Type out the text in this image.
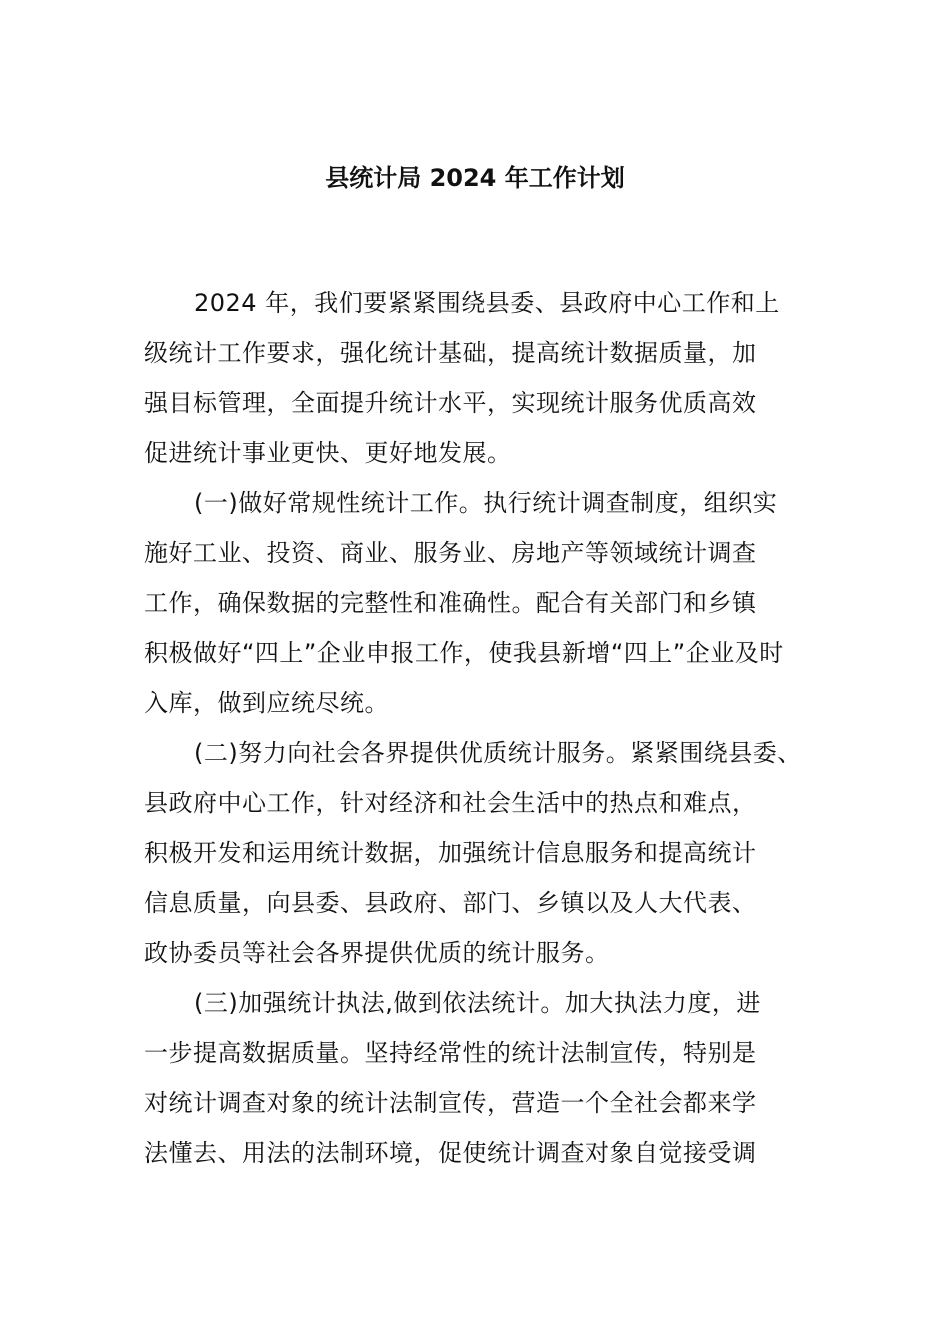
县统计局 2024 年工作计划
2024 年，我们要紧紧围绕县委、县政府中心工作和上
级统计工作要求，强化统计基础，提高统计数据质量，加
强目标管理，全面提升统计水平，实现统计服务优质高效
促进统计事业更快、更好地发展。
(一)做好常规性统计工作。执行统计调查制度，组织实
施好工业、投资、商业、服务业、房地产等领域统计调查
工作，确保数据的完整性和准确性。配合有关部门和乡镇
积极做好“四上”企业申报工作，使我县新增“四上”企业及时
入库，做到应统尽统。
(二)努力向社会各界提供优质统计服务。紧紧围绕县委、
县政府中心工作，针对经济和社会生活中的热点和难点，
积极开发和运用统计数据，加强统计信息服务和提高统计
信息质量，向县委、县政府、部门、乡镇以及人大代表、
政协委员等社会各界提供优质的统计服务。
(三)加强统计执法,做到依法统计。加大执法力度，进
一步提高数据质量。坚持经常性的统计法制宣传，特别是
对统计调查对象的统计法制宣传，营造一个全社会都来学
法懂去、用法的法制环境，促使统计调查对象自觉接受调
